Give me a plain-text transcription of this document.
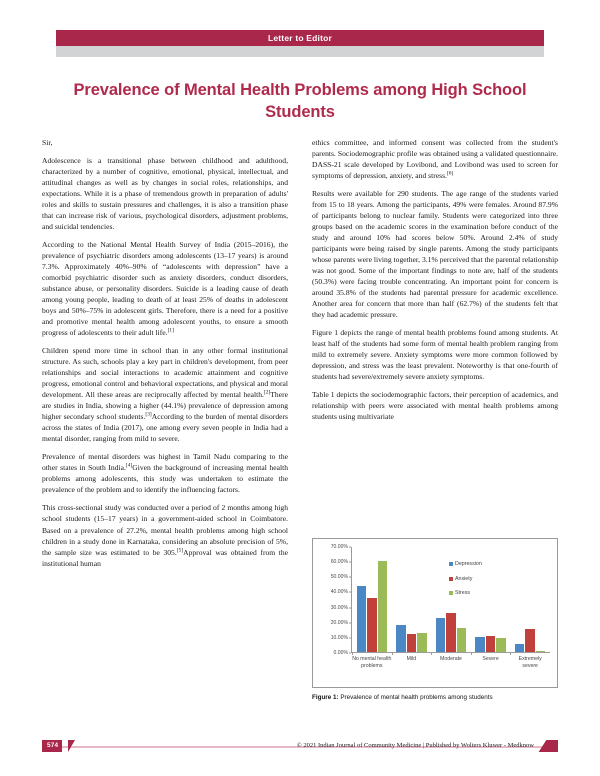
Letter to Editor
Prevalence of Mental Health Problems among High School Students

Sir,

Adolescence is a transitional phase between childhood and adulthood, characterized by a number of cognitive, emotional, physical, intellectual, and attitudinal changes as well as by changes in social roles, relationships, and expectations. While it is a phase of tremendous growth in preparation of adults' roles and skills to sustain pressures and challenges, it is also a transition phase that can increase risk of various, psychological disorders, adjustment problems, and suicidal tendencies.

According to the National Mental Health Survey of India (2015–2016), the prevalence of psychiatric disorders among adolescents (13–17 years) is around 7.3%. Approximately 40%–90% of “adolescents with depression” have a comorbid psychiatric disorder such as anxiety disorders, conduct disorders, substance abuse, or personality disorders. Suicide is a leading cause of death among young people, leading to death of at least 25% of deaths in adolescent boys and 50%–75% in adolescent girls. Therefore, there is a need for a positive and promotive mental health among adolescent youths, to ensure a smooth progress of adolescents to their adult life.[1]

Children spend more time in school than in any other formal institutional structure. As such, schools play a key part in children's development, from peer relationships and social interactions to academic attainment and cognitive progress, emotional control and behavioral expectations, and physical and moral development. All these areas are reciprocally affected by mental health.[2]There are studies in India, showing a higher (44.1%) prevalence of depression among higher secondary school students.[3]According to the burden of mental disorders across the states of India (2017), one among every seven people in India had a mental disorder, ranging from mild to severe.

Prevalence of mental disorders was highest in Tamil Nadu comparing to the other states in South India.[4]Given the background of increasing mental health problems among adolescents, this study was undertaken to estimate the prevalence of the problem and to identify the influencing factors.

This cross-sectional study was conducted over a period of 2 months among high school students (15–17 years) in a government-aided school in Coimbatore. Based on a prevalence of 27.2%, mental health problems among high school children in a study done in Karnataka, considering an absolute precision of 5%, the sample size was estimated to be 305.[5]Approval was obtained from the institutional human

ethics committee, and informed consent was collected from the student's parents. Sociodemographic profile was obtained using a validated questionnaire. DASS-21 scale developed by Lovibond, and Lovibond was used to screen for symptoms of depression, anxiety, and stress.[6]

Results were available for 290 students. The age range of the students varied from 15 to 18 years. Among the participants, 49% were females. Around 87.9% of participants belong to nuclear family. Students were categorized into three groups based on the academic scores in the examination before conduct of the study and around 10% had scores below 50%. Around 2.4% of study participants were being raised by single parents. Among the study participants whose parents were living together, 3.1% perceived that the parental relationship was not good. Some of the important findings to note are, half of the students (50.3%) were facing trouble concentrating. An important point for concern is around 35.8% of the students had parental pressure for academic excellence. Another area for concern that more than half (62.7%) of the students felt that they had academic pressure.

Figure 1 depicts the range of mental health problems found among students. At least half of the students had some form of mental health problem ranging from mild to extremely severe. Anxiety symptoms were more common followed by depression, and stress was the least prevalent. Noteworthy is that one-fourth of students had severe/extremely severe anxiety symptoms.

Table 1 depicts the sociodemographic factors, their perception of academics, and relationship with peers were associated with mental health problems among students using multivariate

0.00%
10.00%
20.00%
30.00%
40.00%
50.00%
60.00%
70.00%
No mental health problems
Mild	Moderate	Severe	Extremely severe
Depression
Anxiety
Stress
Figure 1: Prevalence of mental health problems among students
574	© 2021 Indian Journal of Community Medicine | Published by Wolters Kluwer - Medknow
